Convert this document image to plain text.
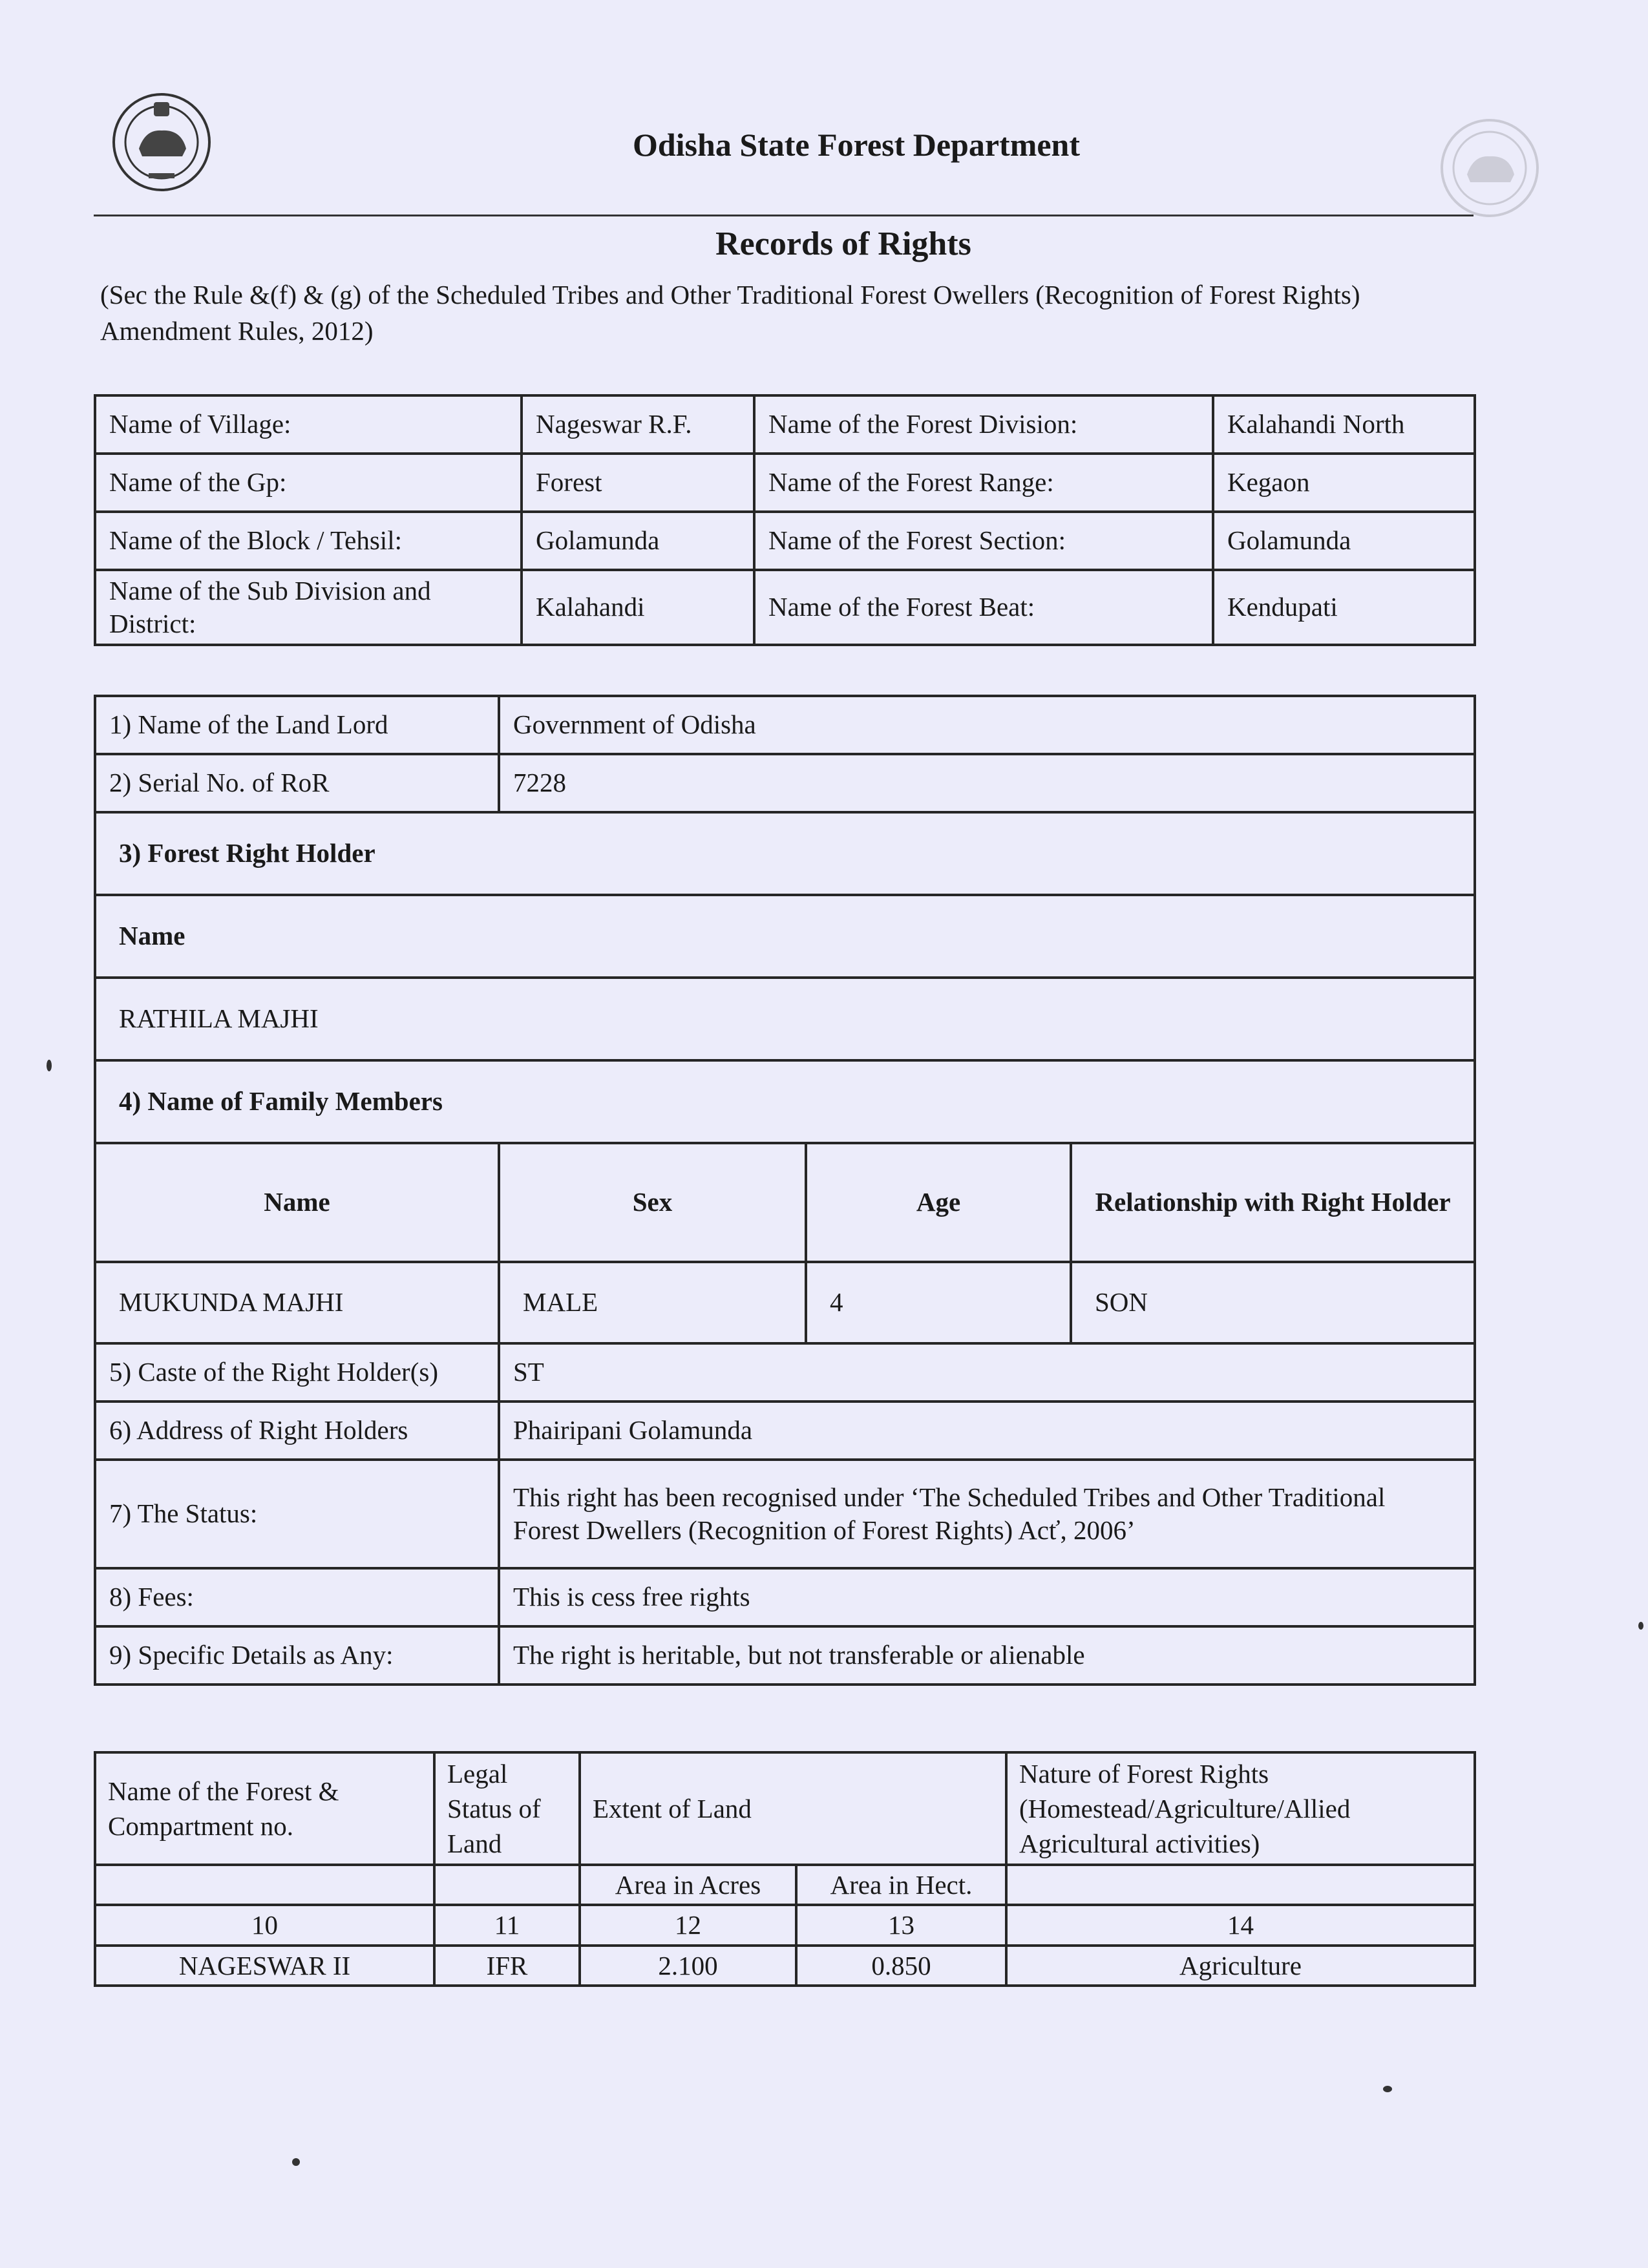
Odisha State Forest Department
Records of Rights
(Sec the Rule &(f) & (g) of the Scheduled Tribes and Other Traditional Forest Owellers (Recognition of Forest Rights) Amendment Rules, 2012)
Name of Village:	Nageswar R.F.	Name of the Forest Division:	Kalahandi North
Name of the Gp:	Forest	Name of the Forest Range:	Kegaon
Name of the Block / Tehsil:	Golamunda	Name of the Forest Section:	Golamunda
Name of the Sub Division and District:	Kalahandi	Name of the Forest Beat:	Kendupati
1) Name of the Land Lord	Government of Odisha		
2) Serial No. of RoR	7228		
3) Forest Right Holder			
Name			
RATHILA MAJHI			
4) Name of Family Members			
Name	Sex	Age	Relationship with Right Holder
MUKUNDA MAJHI	MALE	4	SON
5) Caste of the Right Holder(s)	ST		
6) Address of Right Holders	Phairipani Golamunda		
7) The Status:	This right has been recognised under ‘The Scheduled Tribes and Other Traditional
Forest Dwellers (Recognition of Forest Rights) Acť, 2006’		

8) Fees:	This is cess free rights		
9) Specific Details as Any:	The right is heritable, but not transferable or alienable		
Name of the Forest & Compartment no.	Legal Status of Land	Extent of Land		Nature of Forest Rights (Homestead/Agriculture/Allied Agricultural activities)
		Area in Acres	Area in Hect.	
10	11	12	13	14
NAGESWAR II	IFR	2.100	0.850	Agriculture
